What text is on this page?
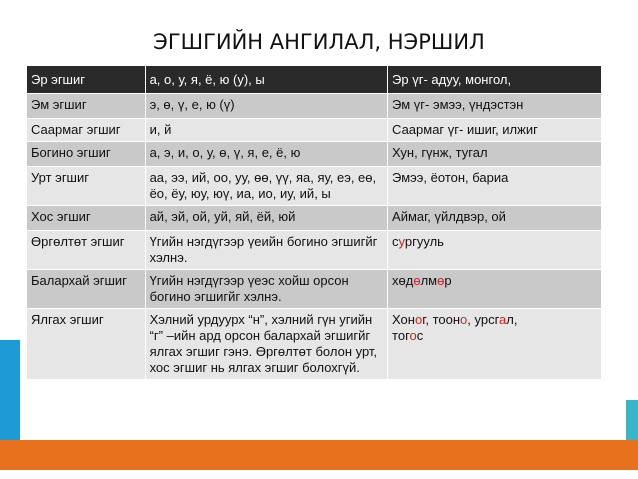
ЭГШГИЙН АНГИЛАЛ, НЭРШИЛ
Эр эгшиг	а, о, у, я, ё, ю (у), ы	Эр үг- адуу, монгол,
Эм эгшиг	э, ө, ү, е, ю (ү)	Эм үг- эмээ, үндэстэн
Саармаг эгшиг	и, й	Саармаг үг- ишиг, илжиг
Богино эгшиг	а, э, и, о, у, ө, ү, я, е, ё, ю	Хун, гүнж, тугал
Урт эгшиг	аа, ээ, ий, оо, уу, өө, үү, яа, яу, еэ, еө, ёо, ёу, юу, юү, иа, ио, иу, ий, ы	Эмээ, ёотон, бариа
Хос эгшиг	ай, эй, ой, уй, яй, ёй, юй	Аймаг, үйлдвэр, ой
Өргөлтөт эгшиг	Үгийн нэгдүгээр үеийн богино эгшигйг хэлнэ.	сургууль
Балархай эгшиг	Үгийн нэгдүгээр үеэс хойш орсон богино эгшигйг хэлнэ.	хөдөлмөр
Ялгах эгшиг	Хэлний урдуурх “н”, хэлний гүн угийн “г” –ийн ард орсон балархай эгшигйг ялгах эгшиг гэнэ. Өргөлтөт болон урт, хос эгшиг нь ялгах эгшиг болохгүй.	Хоног, тооно, урсгал,
тогос
